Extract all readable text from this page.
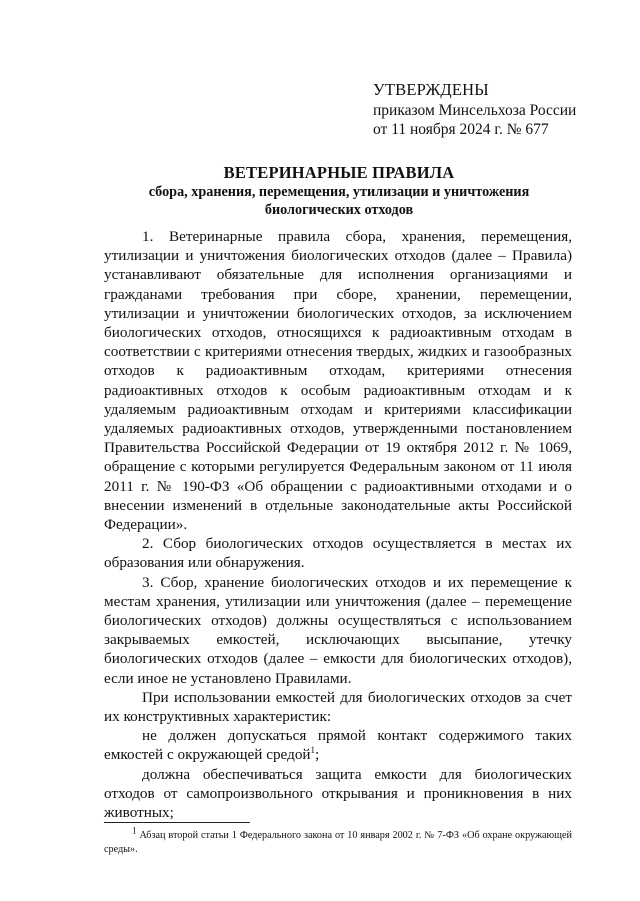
УТВЕРЖДЕНЫ
приказом Минсельхоза России
от 11 ноября 2024 г. № 677
ВЕТЕРИНАРНЫЕ ПРАВИЛА
сбора, хранения, перемещения, утилизации и уничтожения
биологических отходов

1. Ветеринарные правила сбора, хранения, перемещения, утилизации и уничтожения биологических отходов (далее – Правила) устанавливают обязательные для исполнения организациями и гражданами требования при сборе, хранении, перемещении, утилизации и уничтожении биологических отходов, за исключением биологических отходов, относящихся к радиоактивным отходам в соответствии с критериями отнесения твердых, жидких и газообразных отходов к радиоактивным отходам, критериями отнесения радиоактивных отходов к особым радиоактивным отходам и к удаляемым радиоактивным отходам и критериями классификации удаляемых радиоактивных отходов, утвержденными постановлением Правительства Российской Федерации от 19 октября 2012 г. № 1069, обращение с которыми регулируется Федеральным законом от 11 июля 2011 г. № 190-ФЗ «Об обращении с радиоактивными отходами и о внесении изменений в отдельные законодательные акты Российской Федерации».

2. Сбор биологических отходов осуществляется в местах их образования или обнаружения.

3. Сбор, хранение биологических отходов и их перемещение к местам хранения, утилизации или уничтожения (далее – перемещение биологических отходов) должны осуществляться с использованием закрываемых емкостей, исключающих высыпание, утечку биологических отходов (далее – емкости для биологических отходов), если иное не установлено Правилами.

При использовании емкостей для биологических отходов за счет их конструктивных характеристик:

не должен допускаться прямой контакт содержимого таких емкостей с окружающей средой$^1$;

должна обеспечиваться защита емкости для биологических отходов от самопроизвольного открывания и проникновения в них животных;

$^1$ Абзац второй статьи 1 Федерального закона от 10 января 2002 г. № 7-ФЗ «Об охране окружающей среды».
